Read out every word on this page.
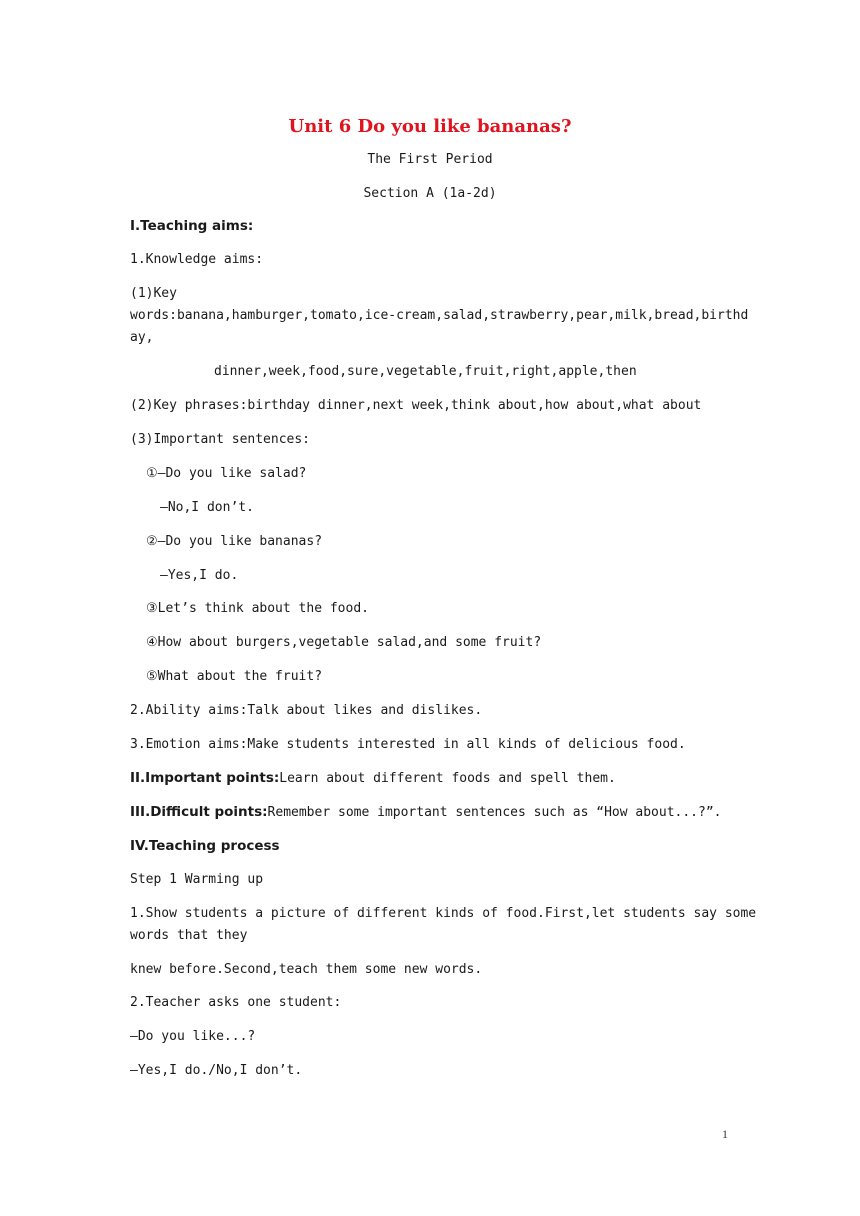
Unit 6 Do you like bananas?
The First Period
Section A (1a-2d)
Ⅰ.Teaching aims:
1.Knowledge aims:
(1)Key
words:banana,hamburger,tomato,ice-cream,salad,strawberry,pear,milk,bread,birthd
ay,
dinner,week,food,sure,vegetable,fruit,right,apple,then
(2)Key phrases:birthday dinner,next week,think about,how about,what about
(3)Important sentences:
①—Do you like salad?
—No,I don’t.
②—Do you like bananas?
—Yes,I do.
③Let’s think about the food.
④How about burgers,vegetable salad,and some fruit?
⑤What about the fruit?
2.Ability aims:Talk about likes and dislikes.
3.Emotion aims:Make students interested in all kinds of delicious food.
II.Important points:Learn about different foods and spell them.
III.Difficult points:Remember some important sentences such as “How about...?”.
IV.Teaching process
Step 1 Warming up
1.Show students a picture of different kinds of food.First,let students say some
words that they
knew before.Second,teach them some new words.
2.Teacher asks one student:
—Do you like...?
—Yes,I do./No,I don’t.
1
